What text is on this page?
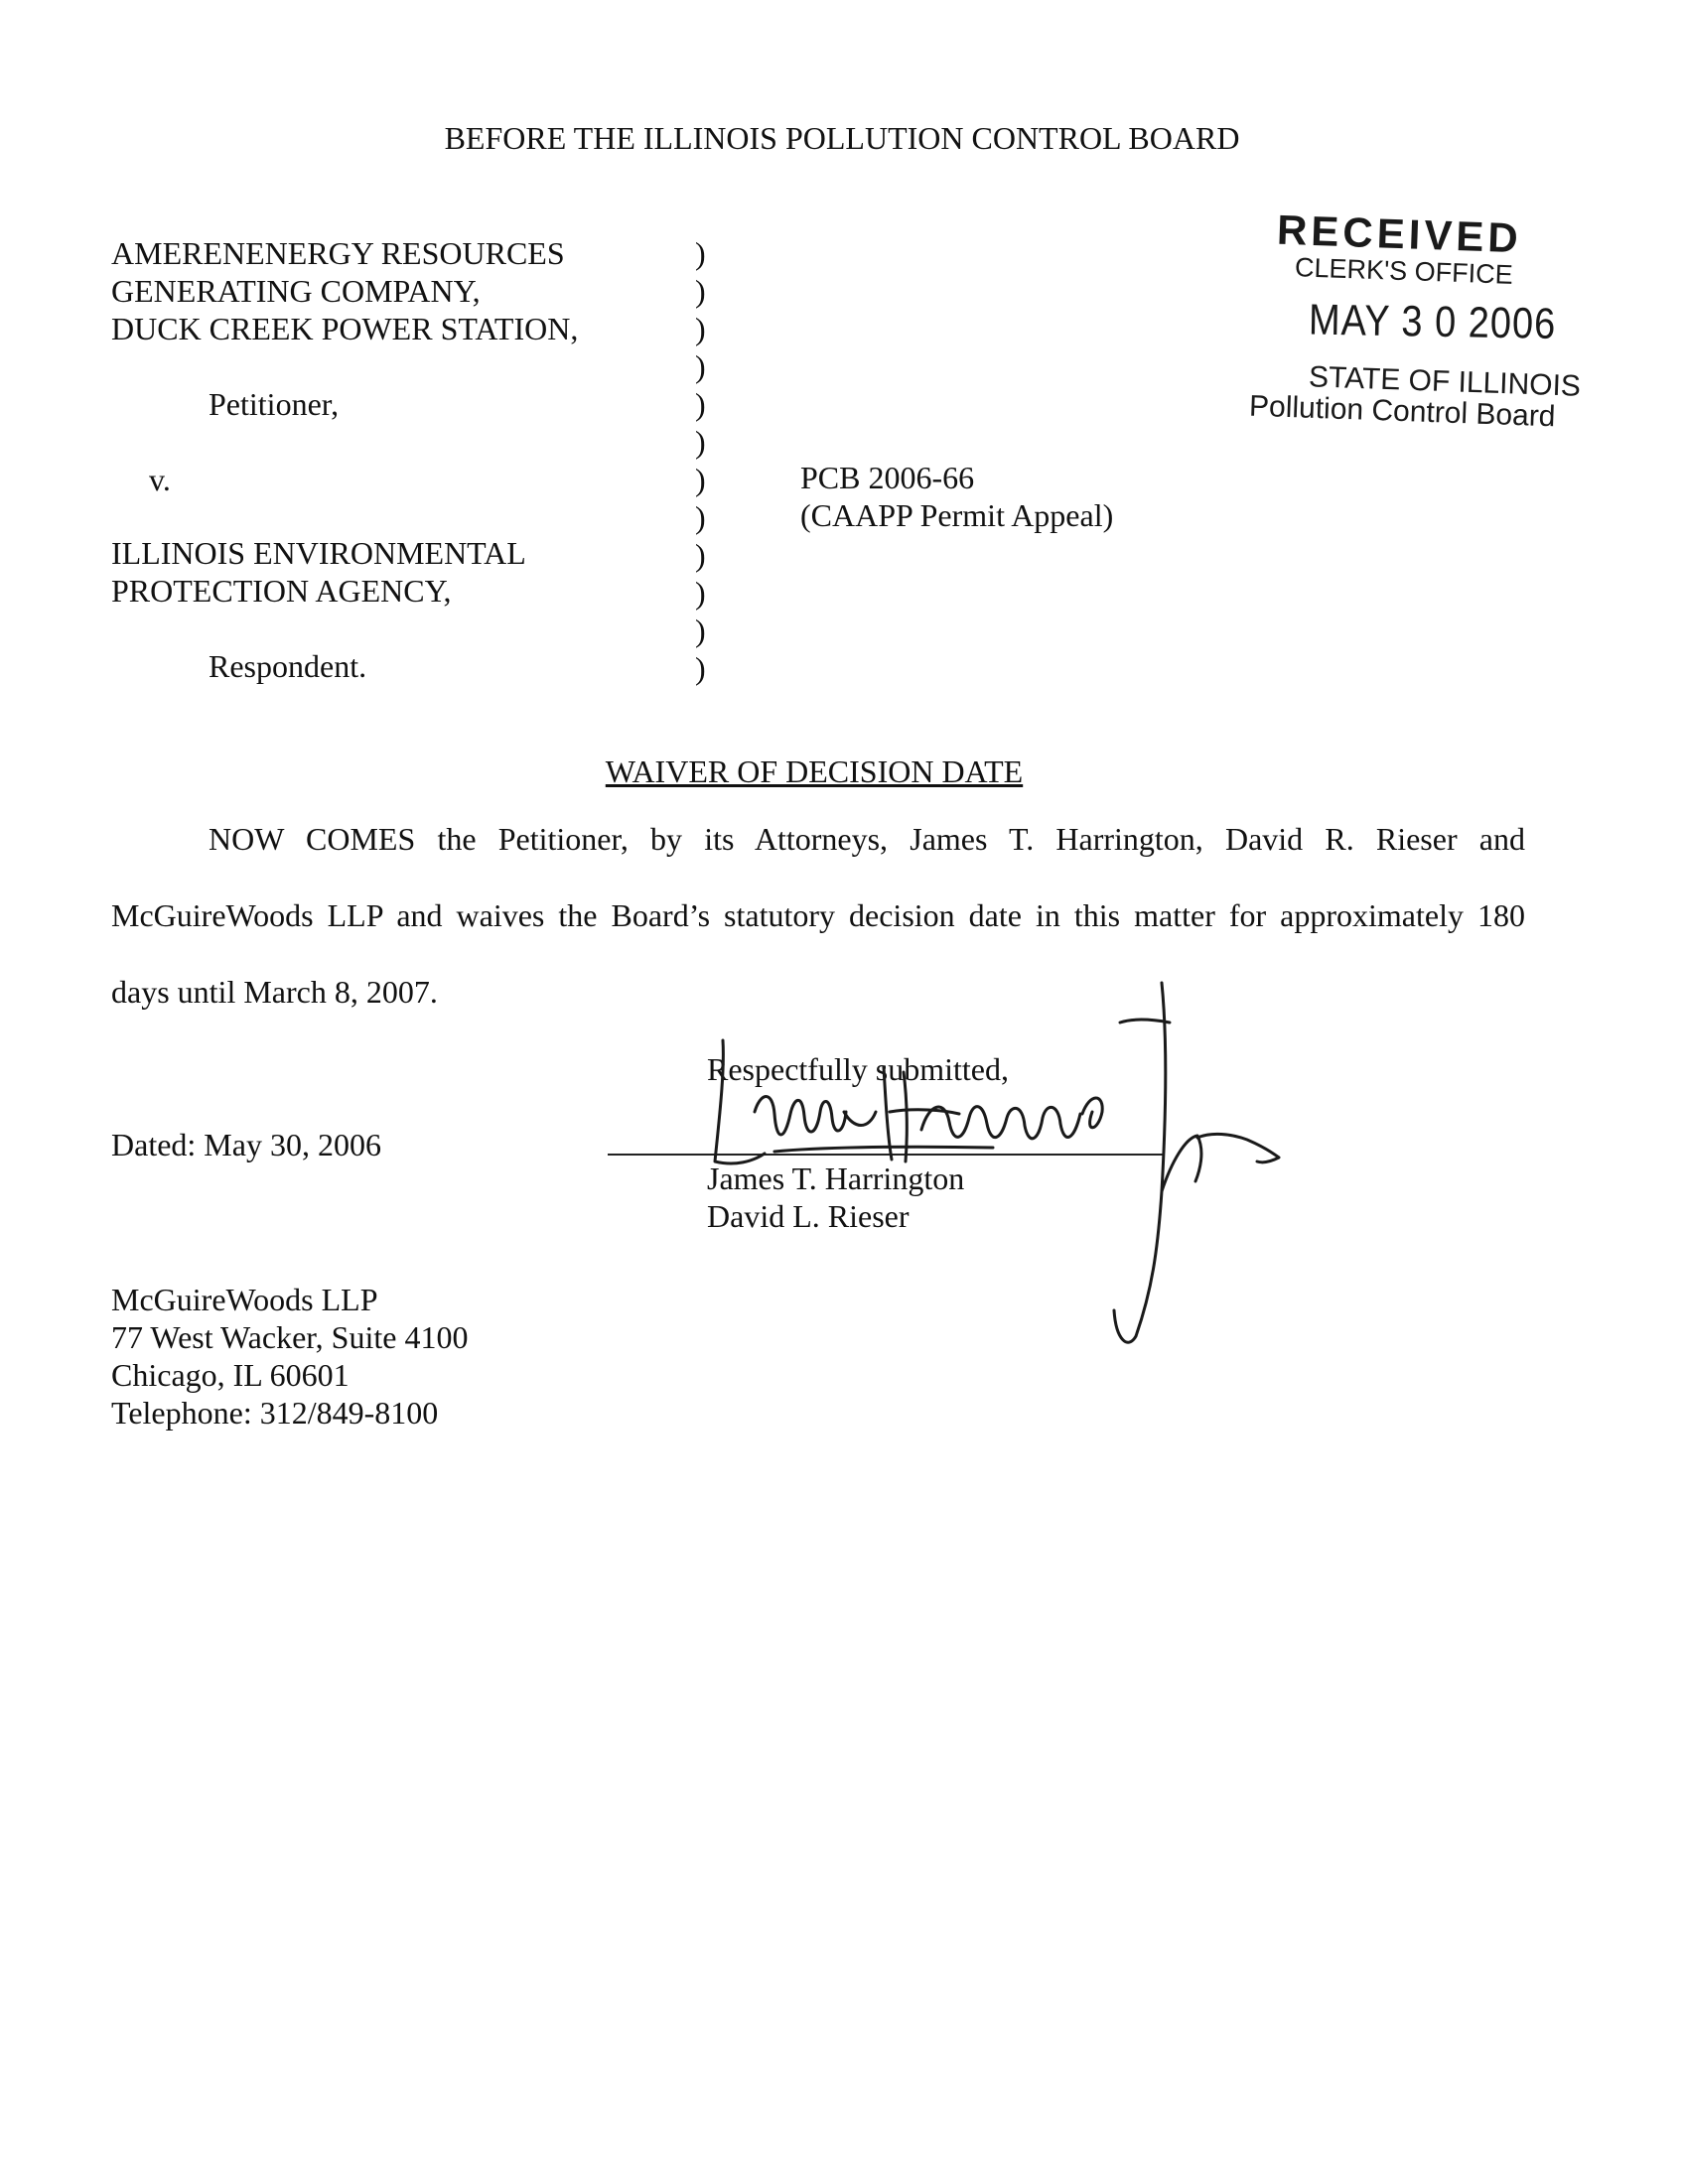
BEFORE THE ILLINOIS POLLUTION CONTROL BOARD
AMERENENERGY RESOURCES
GENERATING COMPANY,
DUCK CREEK POWER STATION,
Petitioner,
v.
ILLINOIS ENVIRONMENTAL
PROTECTION AGENCY,
Respondent.
)
)
)
)
)
)
)
)
)
)
)
)
PCB 2006-66
(CAAPP Permit Appeal)
RECEIVED
CLERK'S OFFICE
MAY 3 0 2006
STATE OF ILLINOIS
Pollution Control Board
WAIVER OF DECISION DATE
NOW COMES the Petitioner, by its Attorneys, James T. Harrington, David R. Rieser and
McGuireWoods LLP and waives the Board’s statutory decision date in this matter for approximately 180
days until March 8, 2007.
Respectfully submitted,
Dated: May 30, 2006
James T. Harrington
David L. Rieser
McGuireWoods LLP
77 West Wacker, Suite 4100
Chicago, IL 60601
Telephone: 312/849-8100
